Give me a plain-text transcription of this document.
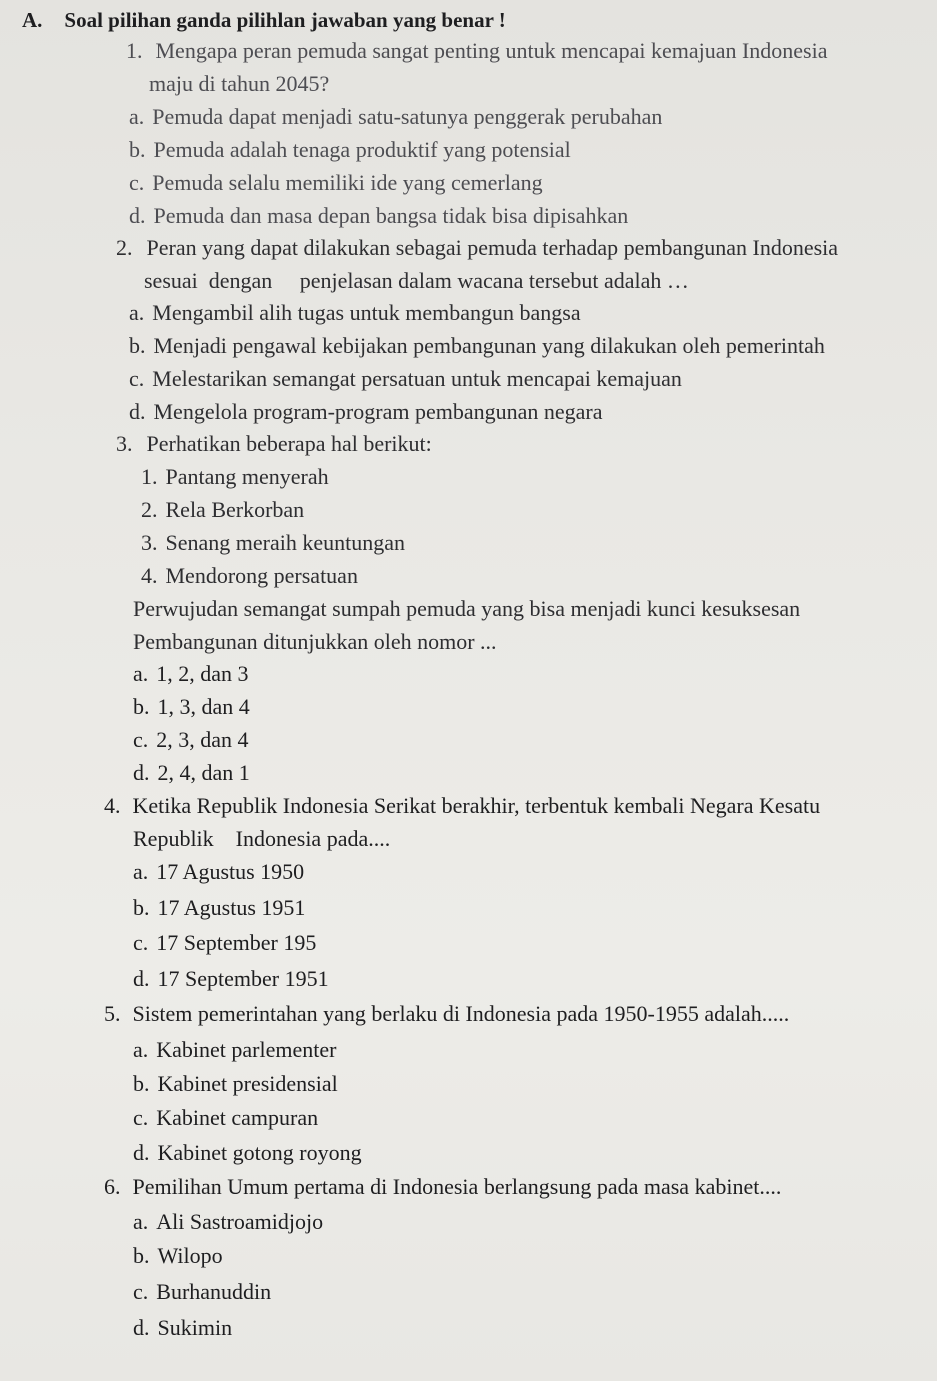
A. Soal pilihan ganda pilihlan jawaban yang benar !
1. Mengapa peran pemuda sangat penting untuk mencapai kemajuan Indonesia
maju di tahun 2045?
a. Pemuda dapat menjadi satu-satunya penggerak perubahan
b. Pemuda adalah tenaga produktif yang potensial
c. Pemuda selalu memiliki ide yang cemerlang
d. Pemuda dan masa depan bangsa tidak bisa dipisahkan
2. Peran yang dapat dilakukan sebagai pemuda terhadap pembangunan Indonesia
sesuai  dengan     penjelasan dalam wacana tersebut adalah …
a. Mengambil alih tugas untuk membangun bangsa
b. Menjadi pengawal kebijakan pembangunan yang dilakukan oleh pemerintah
c. Melestarikan semangat persatuan untuk mencapai kemajuan
d. Mengelola program-program pembangunan negara
3. Perhatikan beberapa hal berikut:
1. Pantang menyerah
2. Rela Berkorban
3. Senang meraih keuntungan
4. Mendorong persatuan
Perwujudan semangat sumpah pemuda yang bisa menjadi kunci kesuksesan
Pembangunan ditunjukkan oleh nomor ...
a. 1, 2, dan 3
b. 1, 3, dan 4
c. 2, 3, dan 4
d. 2, 4, dan 1
4. Ketika Republik Indonesia Serikat berakhir, terbentuk kembali Negara Kesatu
Republik    Indonesia pada....
a. 17 Agustus 1950
b. 17 Agustus 1951
c. 17 September 195
d. 17 September 1951
5. Sistem pemerintahan yang berlaku di Indonesia pada 1950-1955 adalah.....
a. Kabinet parlementer
b. Kabinet presidensial
c. Kabinet campuran
d. Kabinet gotong royong
6. Pemilihan Umum pertama di Indonesia berlangsung pada masa kabinet....
a. Ali Sastroamidjojo
b. Wilopo
c. Burhanuddin
d. Sukimin
